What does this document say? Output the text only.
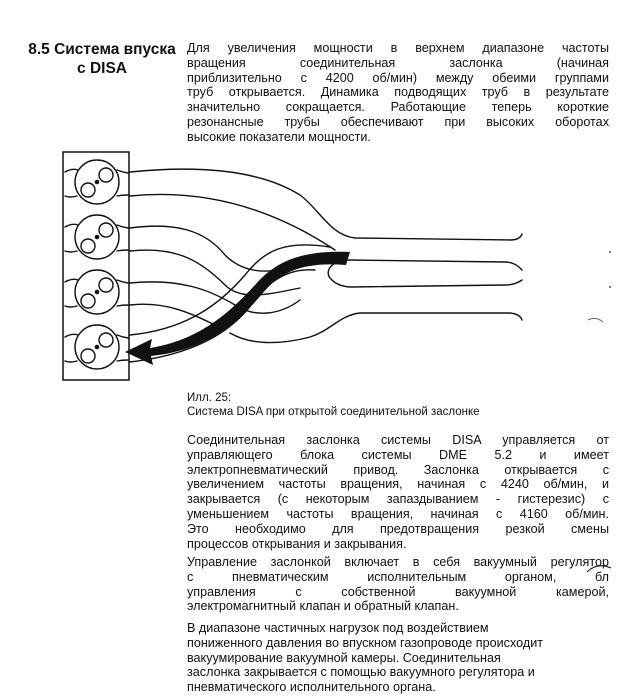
8.5 Система впуска
с DISA

Для увеличения мощности в верхнем диапазоне частоты
вращения соединительная заслонка (начиная
приблизительно с 4200 об/мин) между обеими группами
труб открывается. Динамика подводящих труб в результате
значительно сокращается. Работающие теперь короткие
резонансные трубы обеспечивают при высоких оборотах
высокие показатели мощности.

Илл. 25:
Система DISA при открытой соединительной заслонке

Соединительная заслонка системы DISA управляется от
управляющего блока системы DME 5.2 и имеет
электропневматический привод. Заслонка открывается с
увеличением частоты вращения, начиная с 4240 об/мин, и
закрывается (с некоторым запаздыванием - гистерезис) с
уменьшением частоты вращения, начиная с 4160 об/мин.
Это необходимо для предотвращения резкой смены
процессов открывания и закрывания.

Управление заслонкой включает в себя вакуумный регулятор
с пневматическим исполнительным органом, бл
управления с собственной вакуумной камерой,
электромагнитный клапан и обратный клапан.

В диапазоне частичных нагрузок под воздействием
пониженного давления во впускном газопроводе происходит
вакуумирование вакуумной камеры. Соединительная
заслонка закрывается с помощью вакуумного регулятора и
пневматического исполнительного органа.
